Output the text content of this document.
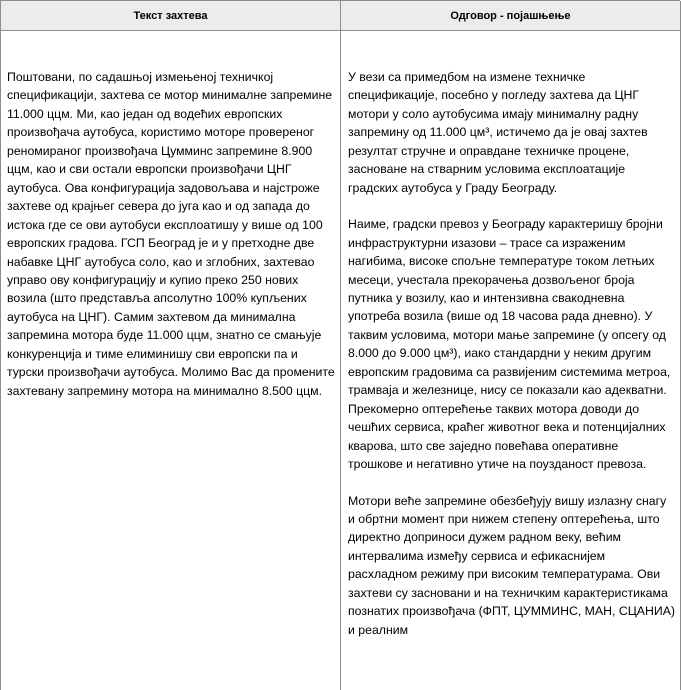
Текст захтева

Поштовани, по садашњој измењеној техничкој спецификацији, захтева се мотор минималне запремине 11.000 ццм. Ми, као један од водећих европских произвођача аутобуса, користимо моторе провереног реномираног произвођача Цумминс запремине 8.900 ццм, као и сви остали европски произвођачи ЦНГ аутобуса. Ова конфигурација задовољава и најстроже захтеве од крајњег севера до југа као и од запада до истока где се ови аутобуси експлоатишу у више од 100 европских градова. ГСП Београд је и у претходне две набавке ЦНГ аутобуса соло, као и зглобних, захтевао управо ову конфигурацију и купио преко 250 нових возила (што представља апсолутно 100% купљених аутобуса на ЦНГ). Самим захтевом да минимална запремина мотора буде 11.000 ццм, знатно се смањује конкуренција и тиме елиминишу сви европски па и турски произвођачи аутобуса. Молимо Вас да промените захтевану запремину мотора на минимално 8.500 ццм.

Одговор - појашњење

У вези са примедбом на измене техничке спецификације, посебно у погледу захтева да ЦНГ мотори у соло аутобусима имају минималну радну запремину од 11.000 цм³, истичемо да је овај захтев резултат стручне и оправдане техничке процене, засноване на стварним условима експлоатације градских аутобуса у Граду Београду.

Наиме, градски превоз у Београду карактеришу бројни инфраструктурни изазови – трасе са израженим нагибима, високе спољне температуре током летњих месеци, учестала прекорачења дозвољеног броја путника у возилу, као и интензивна свакодневна употреба возила (више од 18 часова рада дневно). У таквим условима, мотори мање запремине (у опсегу од 8.000 до 9.000 цм³), иако стандардни у неким другим европским градовима са развијеним системима метроа, трамваја и железнице, нису се показали као адекватни. Прекомерно оптерећење таквих мотора доводи до чешћих сервиса, краћег животног века и потенцијалних кварова, што све заједно повећава оперативне трошкове и негативно утиче на поузданост превоза.

Мотори веће запремине обезбеђују вишу излазну снагу и обртни момент при нижем степену оптерећења, што директно доприноси дужем радном веку, већим интервалима између сервиса и ефикаснијем расхладном режиму при високим температурама. Ови захтеви су засновани и на техничким карактеристикама познатих произвођача (ФПТ, ЦУММИНС, МАН, СЦАНИА) и реалним
